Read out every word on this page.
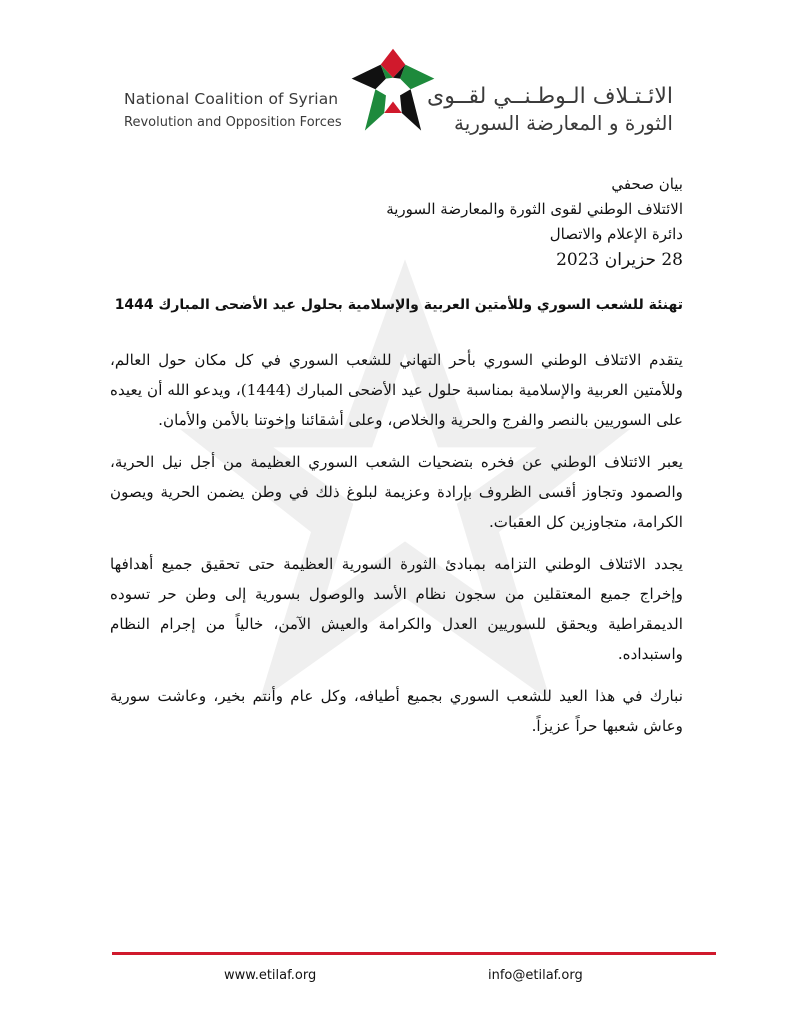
National Coalition of Syrian
Revolution and Opposition Forces
الائـتـلاف الـوطـنــي لقــوى
الثورة و المعارضة السورية
بيان صحفي
الائتلاف الوطني لقوى الثورة والمعارضة السورية
دائرة الإعلام والاتصال
28 حزيران 2023
تهنئة للشعب السوري وللأمتين العربية والإسلامية بحلول عيد الأضحى المبارك 1444

يتقدم الائتلاف الوطني السوري بأحر التهاني للشعب السوري في كل مكان حول العالم، وللأمتين العربية والإسلامية بمناسبة حلول عيد الأضحى المبارك (1444)، ويدعو الله أن يعيده على السوريين بالنصر والفرج والحرية والخلاص، وعلى أشقائنا وإخوتنا بالأمن والأمان.

يعبر الائتلاف الوطني عن فخره بتضحيات الشعب السوري العظيمة من أجل نيل الحرية، والصمود وتجاوز أقسى الظروف بإرادة وعزيمة لبلوغ ذلك في وطن يضمن الحرية ويصون الكرامة، متجاوزين كل العقبات.

يجدد الائتلاف الوطني التزامه بمبادئ الثورة السورية العظيمة حتى تحقيق جميع أهدافها وإخراج جميع المعتقلين من سجون نظام الأسد والوصول بسورية إلى وطن حر تسوده الديمقراطية ويحقق للسوريين العدل والكرامة والعيش الآمن، خالياً من إجرام النظام واستبداده.

نبارك في هذا العيد للشعب السوري بجميع أطيافه، وكل عام وأنتم بخير، وعاشت سورية وعاش شعبها حراً عزيزاً.

www.etilaf.org	info@etilaf.org
